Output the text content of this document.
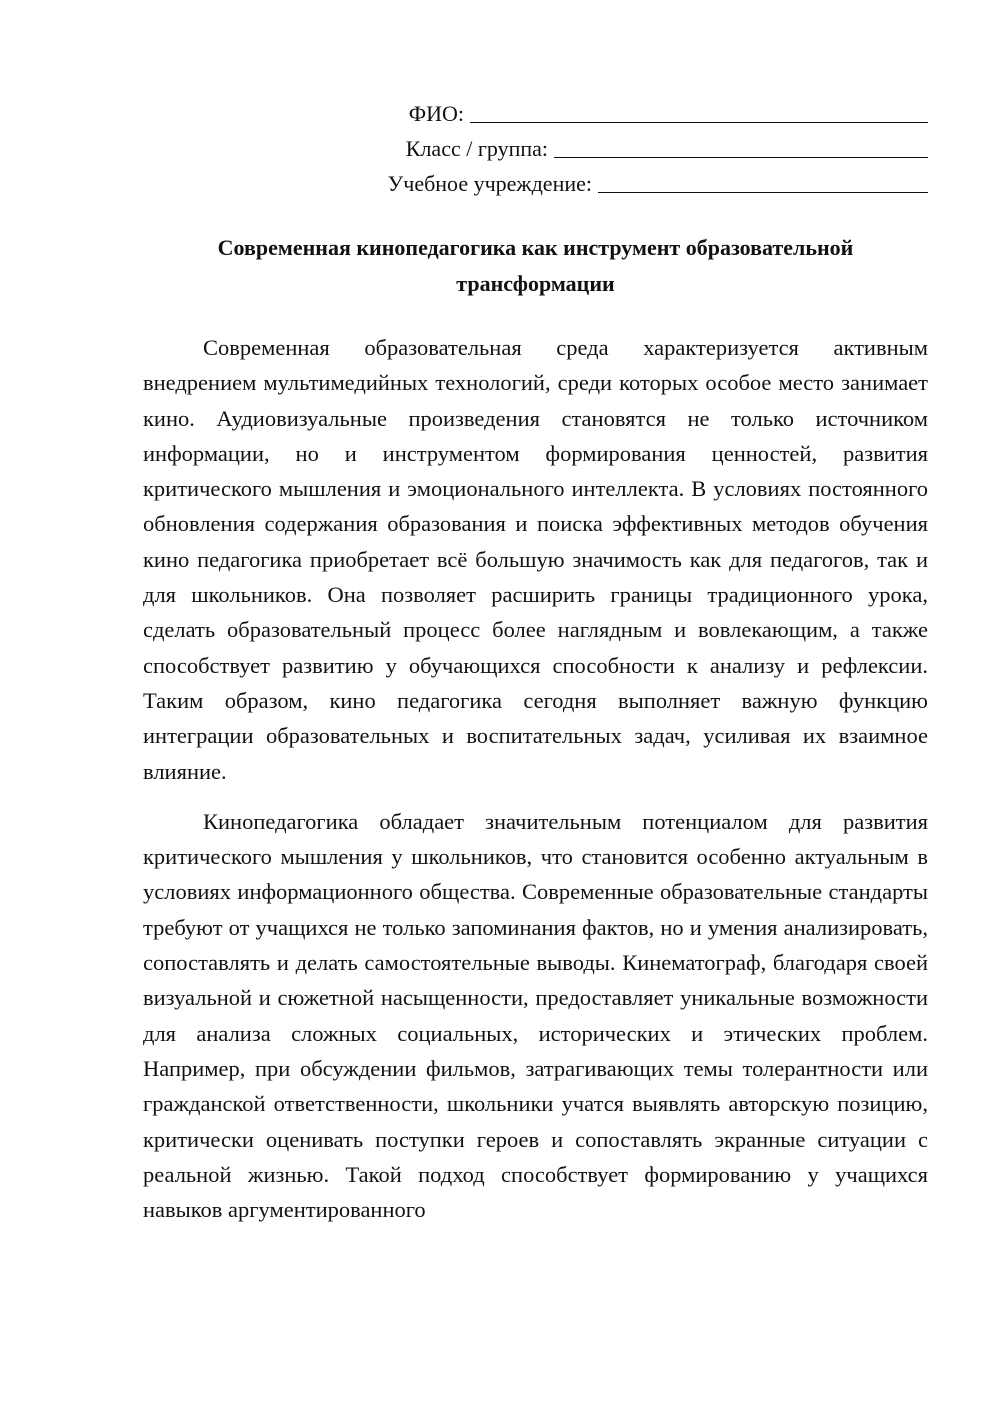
ФИО:
Класс / группа:
Учебное учреждение:
Современная кинопедагогика как инструмент образовательной трансформации

Современная образовательная среда характеризуется активным внедрением мультимедийных технологий, среди которых особое место занимает кино. Аудиовизуальные произведения становятся не только источником информации, но и инструментом формирования ценностей, развития критического мышления и эмоционального интеллекта. В условиях постоянного обновления содержания образования и поиска эффективных методов обучения кино педагогика приобретает всё большую значимость как для педагогов, так и для школьников. Она позволяет расширить границы традиционного урока, сделать образовательный процесс более наглядным и вовлекающим, а также способствует развитию у обучающихся способности к анализу и рефлексии. Таким образом, кино педагогика сегодня выполняет важную функцию интеграции образовательных и воспитательных задач, усиливая их взаимное влияние.

Кинопедагогика обладает значительным потенциалом для развития критического мышления у школьников, что становится особенно актуальным в условиях информационного общества. Современные образовательные стандарты требуют от учащихся не только запоминания фактов, но и умения анализировать, сопоставлять и делать самостоятельные выводы. Кинематограф, благодаря своей визуальной и сюжетной насыщенности, предоставляет уникальные возможности для анализа сложных социальных, исторических и этических проблем. Например, при обсуждении фильмов, затрагивающих темы толерантности или гражданской ответственности, школьники учатся выявлять авторскую позицию, критически оценивать поступки героев и сопоставлять экранные ситуации с реальной жизнью. Такой подход способствует формированию у учащихся навыков аргументированного
